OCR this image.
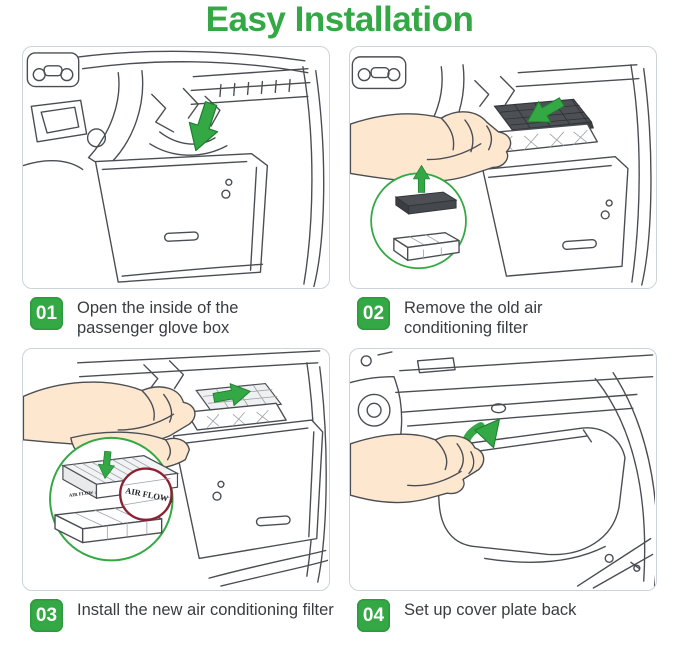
Easy Installation
AIR FLOW ↓	AIR FLOW ↓
01	Open the inside of the passenger glove box
02	Remove the old air conditioning filter
03	Install the new air conditioning filter	04	Set up cover plate back
